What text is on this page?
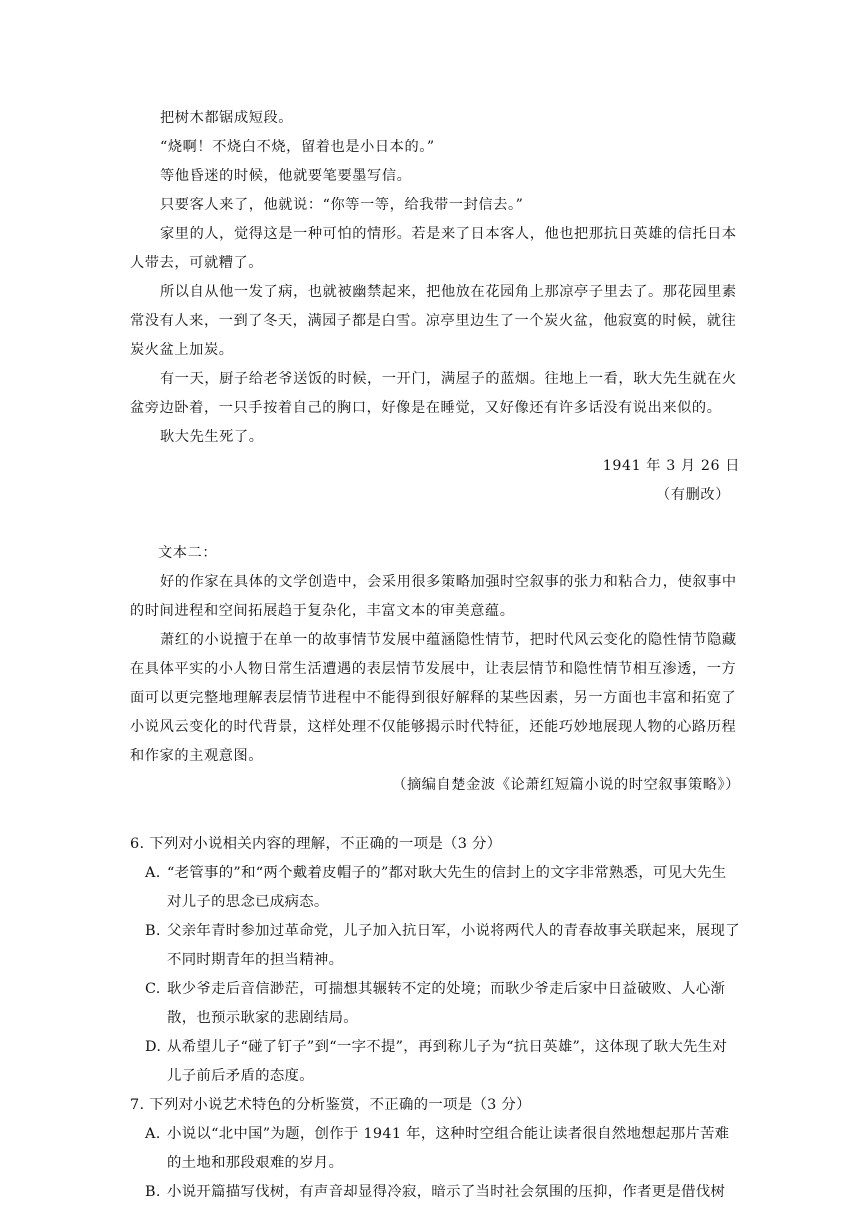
把树木都锯成短段。

“烧啊！不烧白不烧，留着也是小日本的。”

等他昏迷的时候，他就要笔要墨写信。

只要客人来了，他就说：“你等一等，给我带一封信去。”

家里的人，觉得这是一种可怕的情形。若是来了日本客人，他也把那抗日英雄的信托日本人带去，可就糟了。

所以自从他一发了病，也就被幽禁起来，把他放在花园角上那凉亭子里去了。那花园里素常没有人来，一到了冬天，满园子都是白雪。凉亭里边生了一个炭火盆，他寂寞的时候，就往炭火盆上加炭。

有一天，厨子给老爷送饭的时候，一开门，满屋子的蓝烟。往地上一看，耿大先生就在火盆旁边卧着，一只手按着自己的胸口，好像是在睡觉，又好像还有许多话没有说出来似的。

耿大先生死了。

1941 年 3 月 26 日

（有删改）

文本二：

好的作家在具体的文学创造中，会采用很多策略加强时空叙事的张力和粘合力，使叙事中的时间进程和空间拓展趋于复杂化，丰富文本的审美意蕴。

萧红的小说擅于在单一的故事情节发展中蕴涵隐性情节，把时代风云变化的隐性情节隐藏在具体平实的小人物日常生活遭遇的表层情节发展中，让表层情节和隐性情节相互渗透，一方面可以更完整地理解表层情节进程中不能得到很好解释的某些因素，另一方面也丰富和拓宽了小说风云变化的时代背景，这样处理不仅能够揭示时代特征，还能巧妙地展现人物的心路历程和作家的主观意图。

（摘编自楚金波《论萧红短篇小说的时空叙事策略》）

6. 下列对小说相关内容的理解，不正确的一项是（3 分）

A. “老管事的”和“两个戴着皮帽子的”都对耿大先生的信封上的文字非常熟悉，可见大先生对儿子的思念已成病态。
B. 父亲年青时参加过革命党，儿子加入抗日军，小说将两代人的青春故事关联起来，展现了不同时期青年的担当精神。
C. 耿少爷走后音信渺茫，可揣想其辗转不定的处境；而耿少爷走后家中日益破败、人心渐散，也预示耿家的悲剧结局。
D. 从希望儿子“碰了钉子”到“一字不提”，再到称儿子为“抗日英雄”，这体现了耿大先生对儿子前后矛盾的态度。

7. 下列对小说艺术特色的分析鉴赏，不正确的一项是（3 分）

A. 小说以“北中国”为题，创作于 1941 年，这种时空组合能让读者很自然地想起那片苦难的土地和那段艰难的岁月。
B. 小说开篇描写伐树，有声音却显得冷寂，暗示了当时社会氛围的压抑，作者更是借伐树
